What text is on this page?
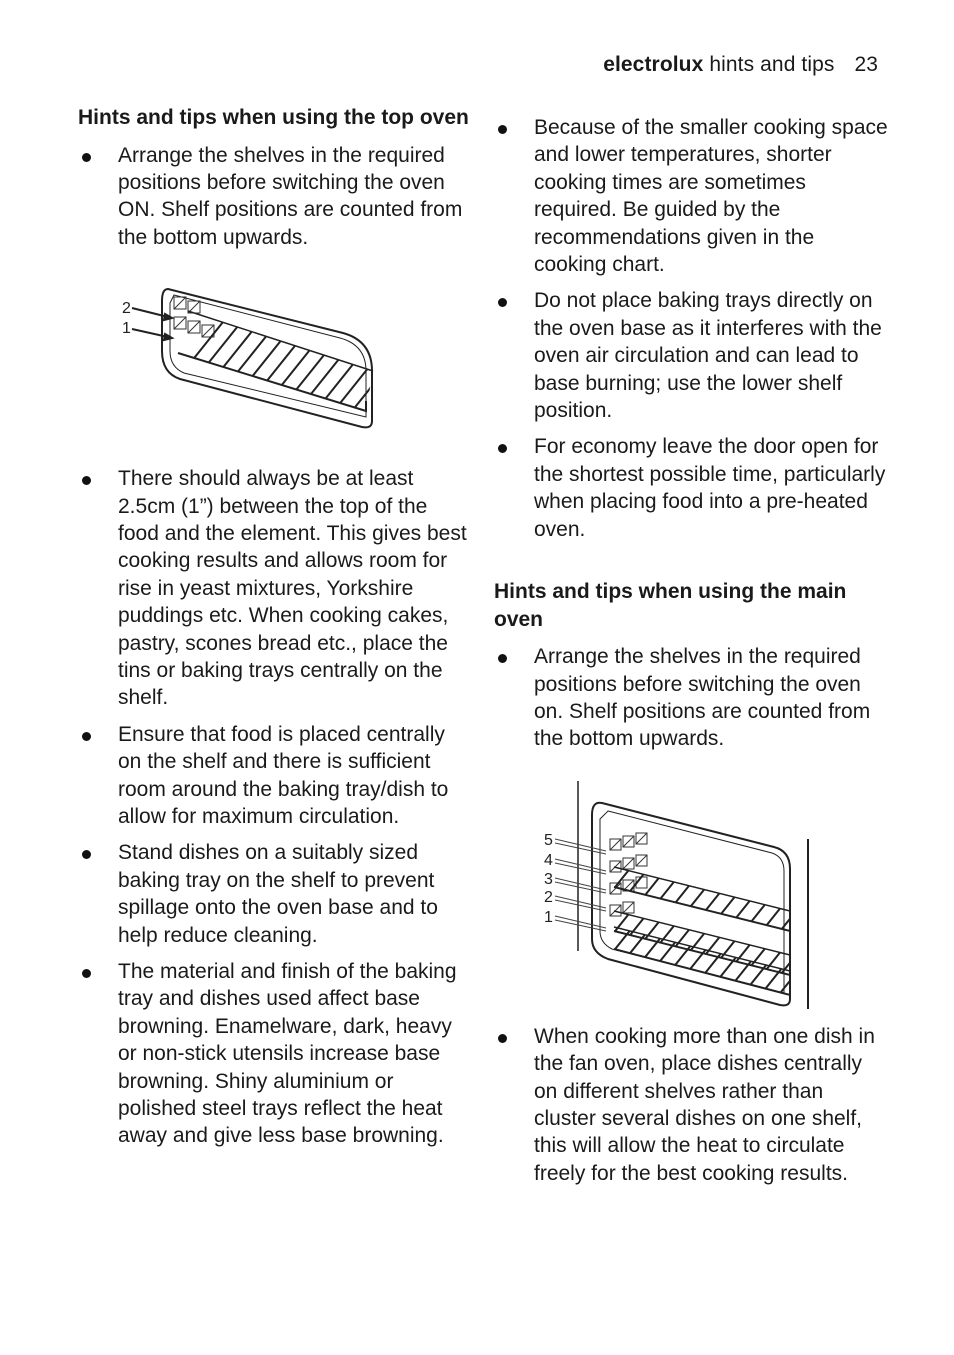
electrolux hints and tips 23
Hints and tips when using the top oven
Arrange the shelves in the required positions before switching the oven ON. Shelf positions are counted from the bottom upwards.
2
1
There should always be at least 2.5cm (1”) between the top of the food and the element. This gives best cooking results and allows room for rise in yeast mixtures, Yorkshire puddings etc. When cooking cakes, pastry, scones bread etc., place the tins or baking trays centrally on the shelf.
Ensure that food is placed centrally on the shelf and there is sufficient room around the baking tray/dish to allow for maximum circulation.
Stand dishes on a suitably sized baking tray on the shelf to prevent spillage onto the oven base and to help reduce cleaning.
The material and finish of the baking tray and dishes used affect base browning. Enamelware, dark, heavy or non-stick utensils increase base browning. Shiny aluminium or polished steel trays reflect the heat away and give less base browning.
Because of the smaller cooking space and lower temperatures, shorter cooking times are sometimes required. Be guided by the recommendations given in the cooking chart.
Do not place baking trays directly on the oven base as it interferes with the oven air circulation and can lead to base burning; use the lower shelf position.
For economy leave the door open for the shortest possible time, particularly when placing food into a pre-heated oven.
Hints and tips when using the main oven
Arrange the shelves in the required positions before switching the oven on. Shelf positions are counted from the bottom upwards.
5
4
3
2
1
When cooking more than one dish in the fan oven, place dishes centrally on different shelves rather than cluster several dishes on one shelf, this will allow the heat to circulate freely for the best cooking results.
